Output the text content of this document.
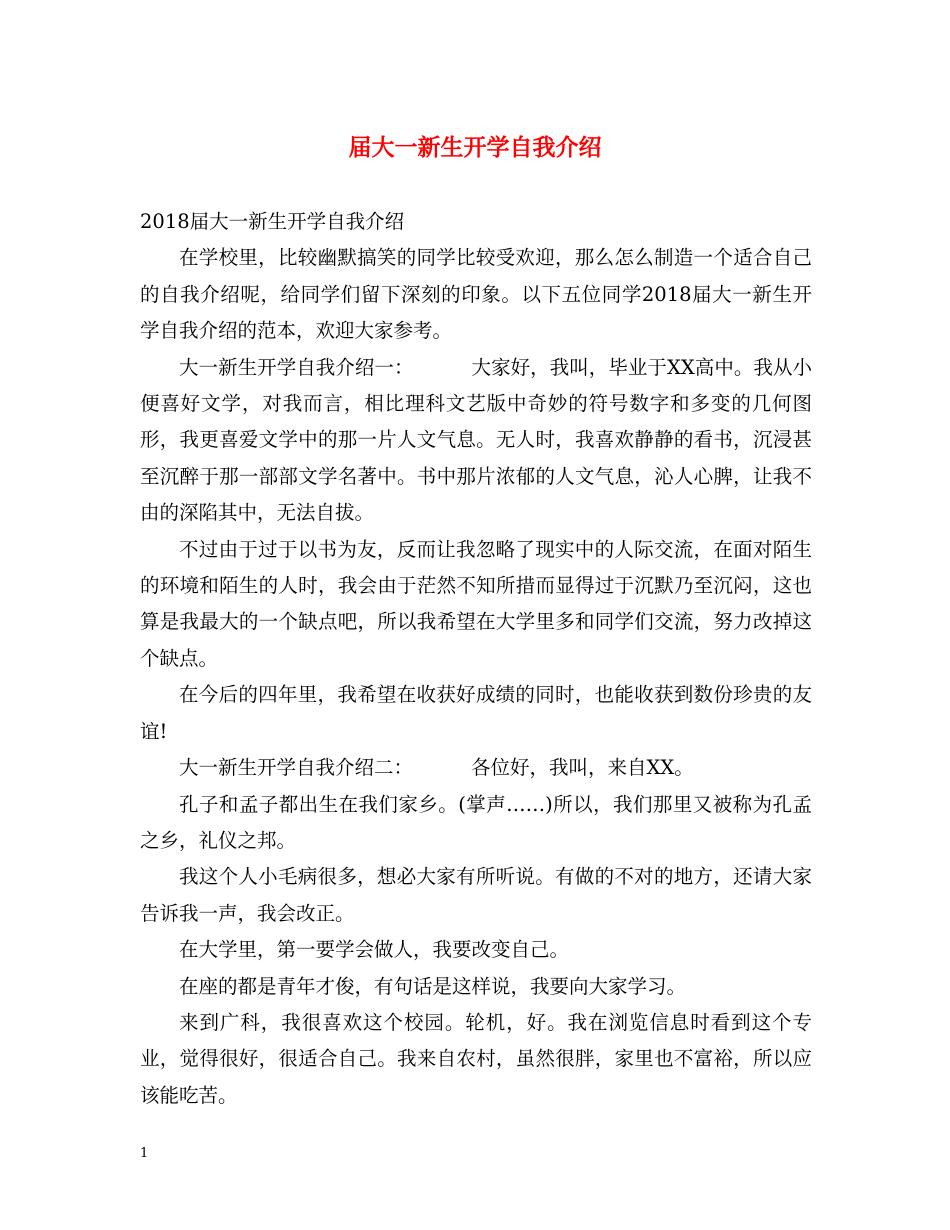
届大一新生开学自我介绍

2018届大一新生开学自我介绍

在学校里，比较幽默搞笑的同学比较受欢迎，那么怎么制造一个适合自己的自我介绍呢，给同学们留下深刻的印象。以下五位同学2018届大一新生开学自我介绍的范本，欢迎大家参考。

大一新生开学自我介绍一：	大家好，我叫，毕业于XX高中。我从小便喜好文学，对我而言，相比理科文艺版中奇妙的符号数字和多变的几何图形，我更喜爱文学中的那一片人文气息。无人时，我喜欢静静的看书，沉浸甚至沉醉于那一部部文学名著中。书中那片浓郁的人文气息，沁人心脾，让我不由的深陷其中，无法自拔。

不过由于过于以书为友，反而让我忽略了现实中的人际交流，在面对陌生的环境和陌生的人时，我会由于茫然不知所措而显得过于沉默乃至沉闷，这也算是我最大的一个缺点吧，所以我希望在大学里多和同学们交流，努力改掉这个缺点。

在今后的四年里，我希望在收获好成绩的同时，也能收获到数份珍贵的友谊!

大一新生开学自我介绍二：	各位好，我叫，来自XX。

孔子和孟子都出生在我们家乡。(掌声……)所以，我们那里又被称为孔孟之乡，礼仪之邦。

我这个人小毛病很多，想必大家有所听说。有做的不对的地方，还请大家告诉我一声，我会改正。

在大学里，第一要学会做人，我要改变自己。

在座的都是青年才俊，有句话是这样说，我要向大家学习。

来到广科，我很喜欢这个校园。轮机，好。我在浏览信息时看到这个专业，觉得很好，很适合自己。我来自农村，虽然很胖，家里也不富裕，所以应该能吃苦。

1
